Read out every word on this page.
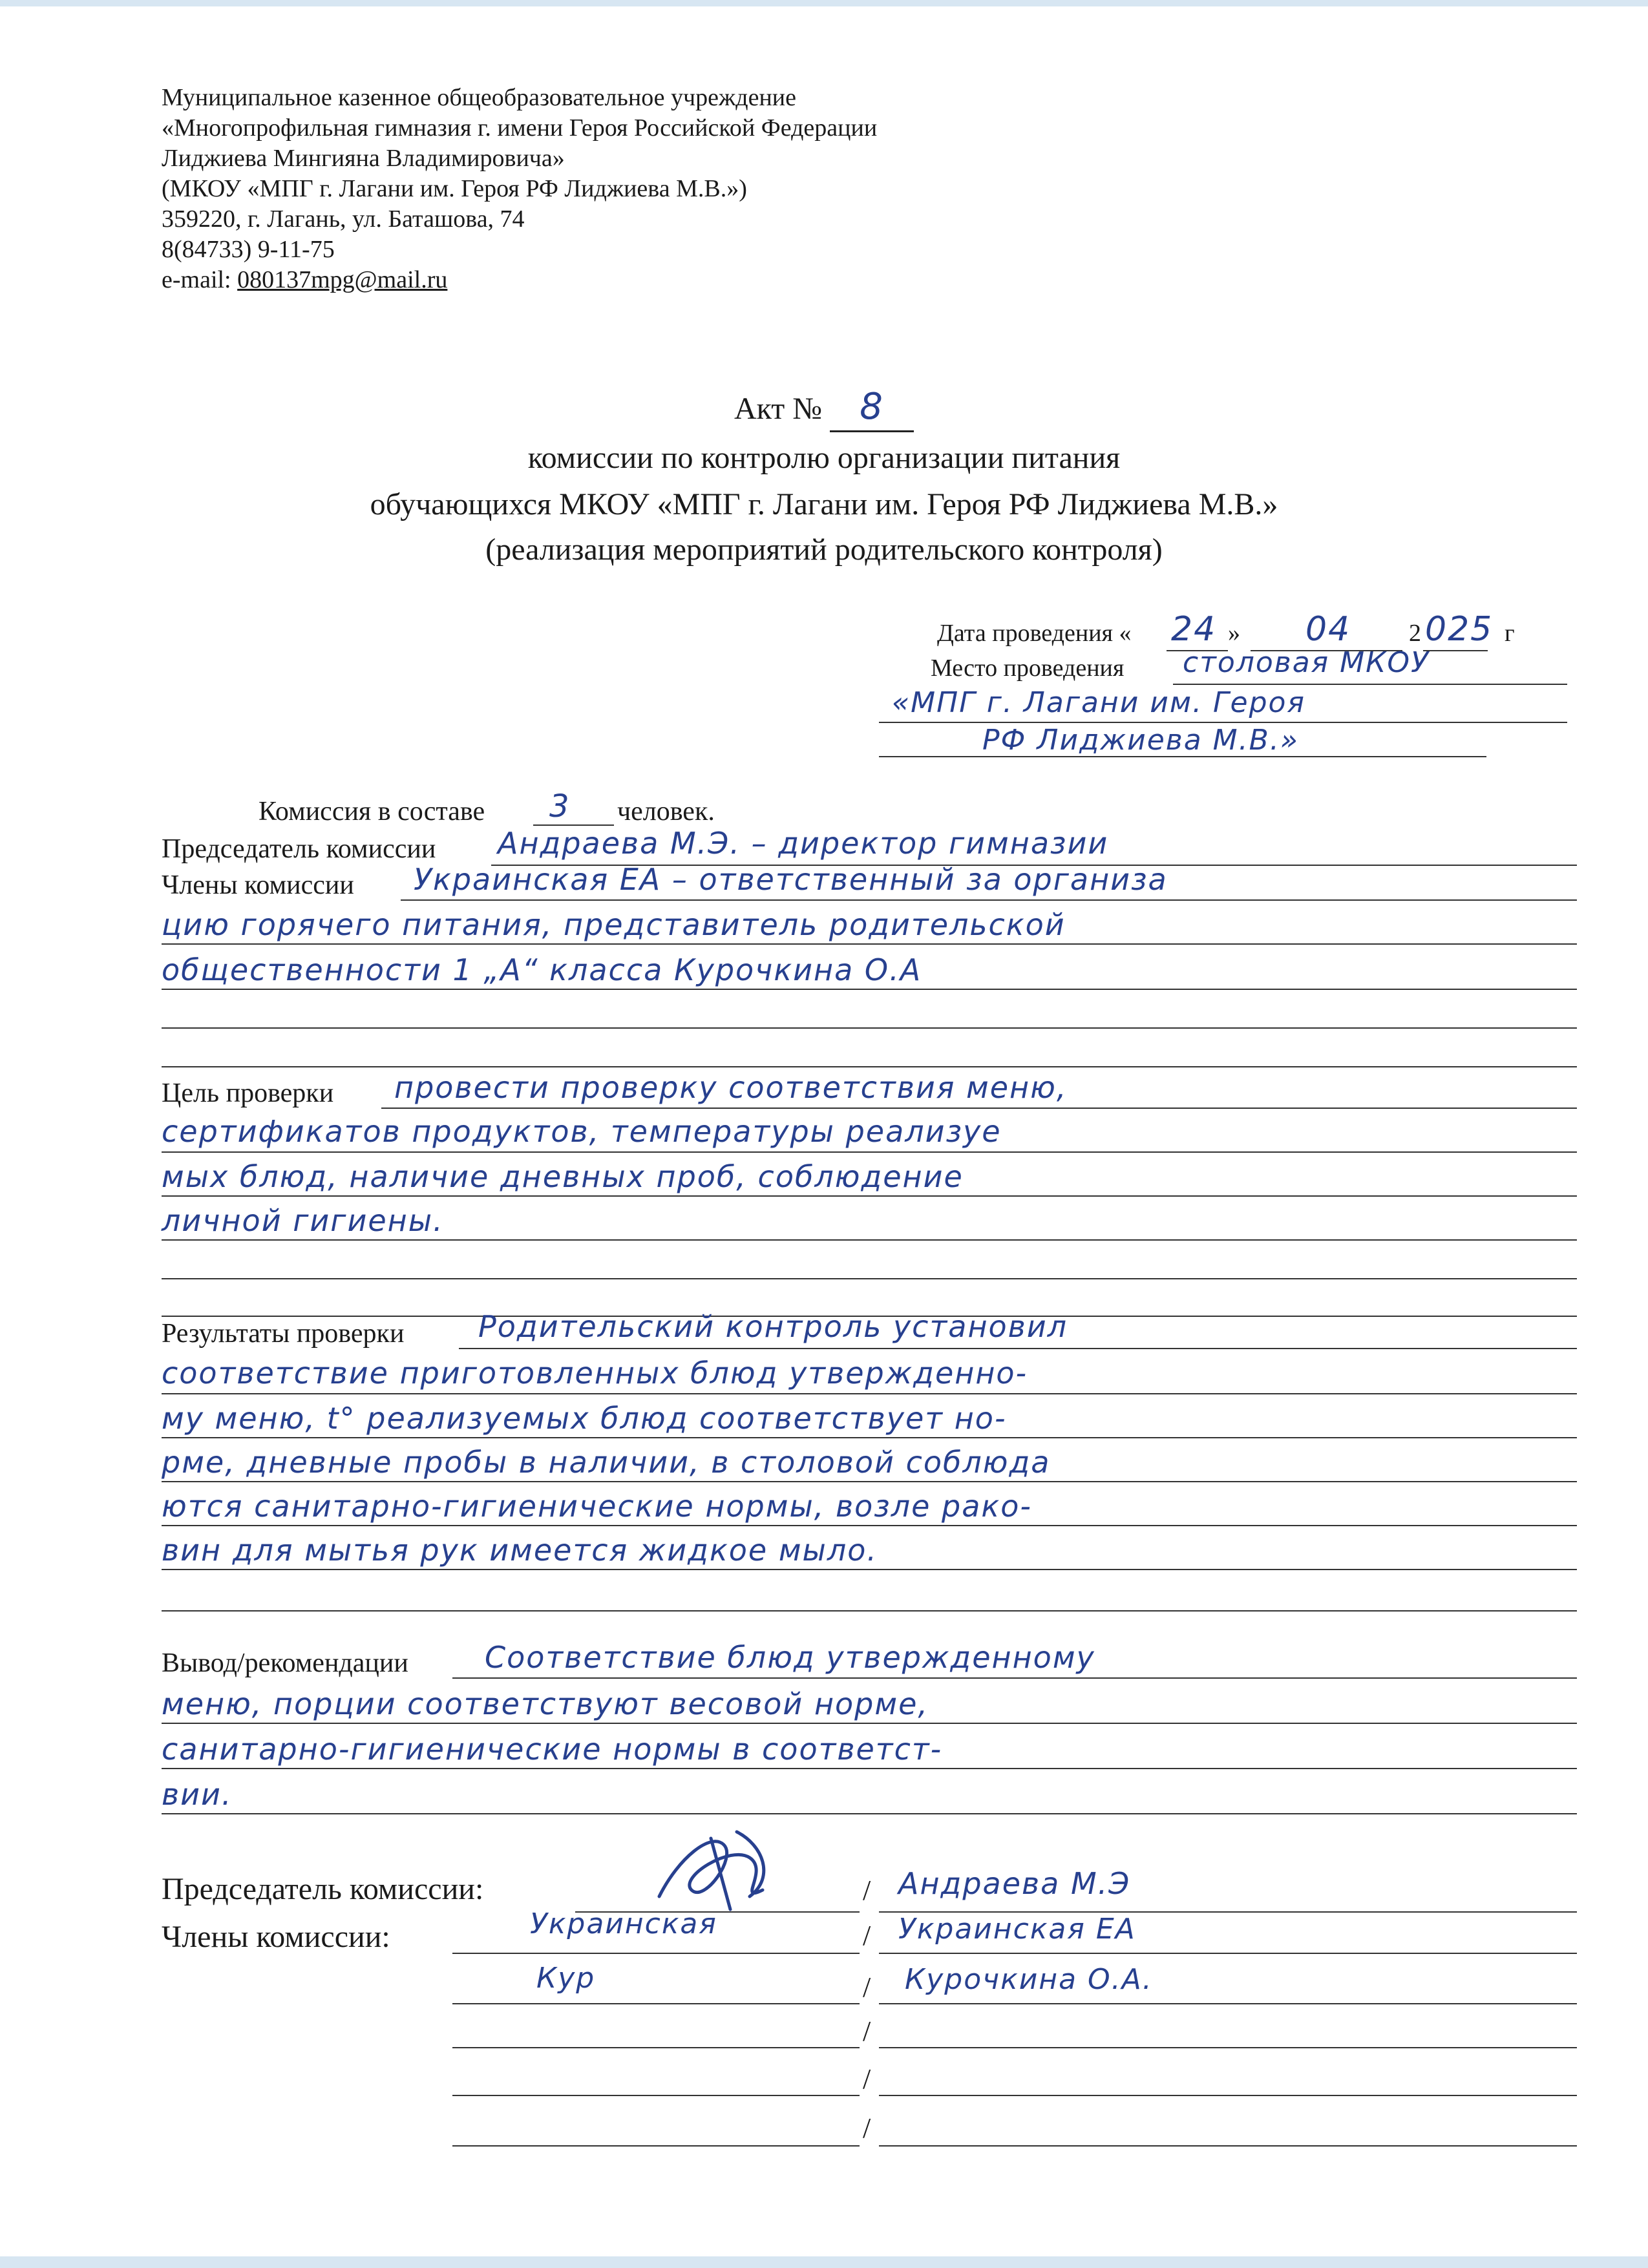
Муниципальное казенное общеобразовательное учреждение
«Многопрофильная гимназия г. имени Героя Российской Федерации
Лиджиева Мингияна Владимировича»
(МКОУ «МПГ г. Лагани им. Героя РФ Лиджиева М.В.»)
359220, г. Лагань, ул. Баташова, 74
8(84733) 9-11-75
e-mail: 080137mpg@mail.ru
Акт № 8
комиссии по контролю организации питания
обучающихся МКОУ «МПГ г. Лагани им. Героя РФ Лиджиева М.В.»
(реализация мероприятий родительского контроля)
Дата проведения « 24 » 04 2 025 г
Место проведения столовая МКОУ
«МПГ г. Лагани им. Героя
РФ Лиджиева М.В.»
Комиссия в составе 3 человек.
Председатель комиссии Андраева М.Э. – директор гимназии
Члены комиссии Украинская ЕА – ответственный за организа
цию горячего питания, представитель родительской
общественности 1 „А“ класса Курочкина О.А
Цель проверки провести проверку соответствия меню,
сертификатов продуктов, температуры реализуе
мых блюд, наличие дневных проб, соблюдение
личной гигиены.
Результаты проверки Родительский контроль установил
соответствие приготовленных блюд утвержденно-
му меню, t° реализуемых блюд соответствует но-
рме, дневные пробы в наличии, в столовой соблюда
ются санитарно-гигиенические нормы, возле рако-
вин для мытья рук имеется жидкое мыло.
Вывод/рекомендации	Соответствие блюд утвержденному
меню, порции соответствуют весовой норме,
санитарно-гигиенические нормы в соответст-
вии.
Председатель комиссии:	/ Андраева М.Э
Члены комиссии:	Украинская	/ Украинская ЕА
Кур	/ Курочкина О.А.
/
/
/
